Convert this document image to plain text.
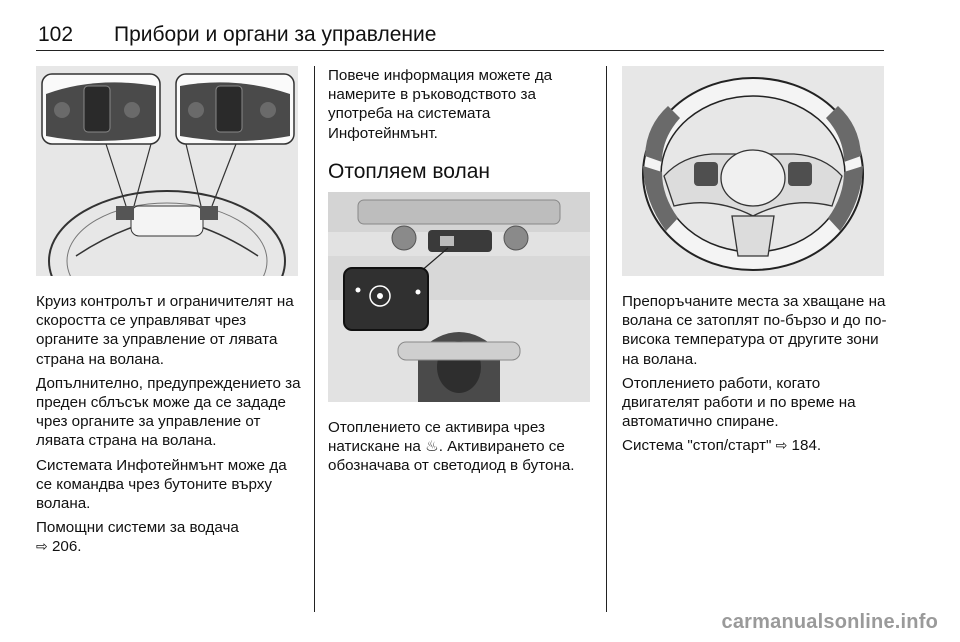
102 Прибори и органи за управление

Круиз контролът и ограничителят на скоростта се управляват чрез органите за управление от лявата страна на волана.

Допълнително, предупреждението за преден сблъсък може да се зададе чрез органите за управление от лявата страна на волана.

Системата Инфотейнмънт може да се командва чрез бутоните върху волана.

Помощни системи за водача
⇨ 206.

Повече информация можете да намерите в ръководството за употреба на системата Инфотейнмънт.

Отопляем волан

Отоплението се активира чрез натискане на ♨. Активирането се обозначава от светодиод в бутона.

Препоръчаните места за хващане на волана се затоплят по-бързо и до по-висока температура от другите зони на волана.

Отоплението работи, когато двигателят работи и по време на автоматично спиране.

Система "стоп/старт" ⇨ 184.

carmanualsonline.info
